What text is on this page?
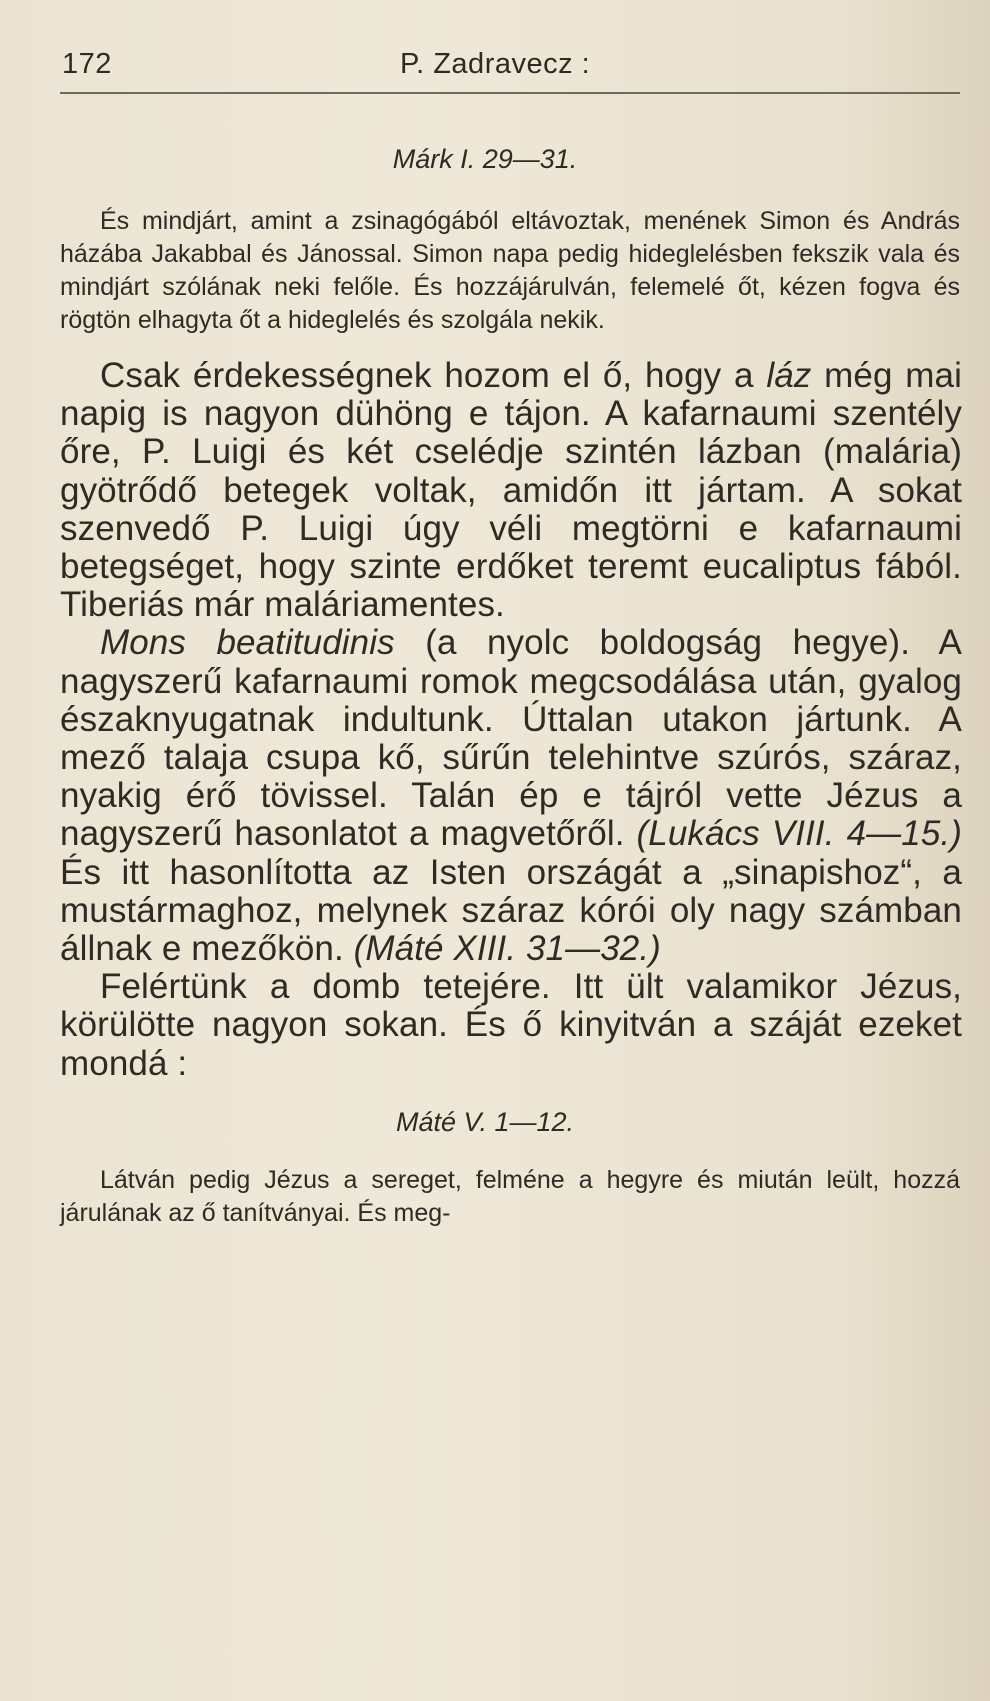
172	P. Zadravecz :
Márk I. 29—31.
És mindjárt, amint a zsinagógából eltávoztak, menének Simon és András házába Jakabbal és Jánossal. Simon napa pedig hideglelésben fekszik vala és mindjárt szólának neki felőle. És hozzájárulván, felemelé őt, kézen fogva és rögtön elhagyta őt a hideglelés és szolgála nekik.

Csak érdekességnek hozom el ő, hogy a láz még mai napig is nagyon dühöng e tájon. A kafarnaumi szentély őre, P. Luigi és két cselédje szintén lázban (malária) gyötrődő betegek voltak, amidőn itt jártam. A sokat szenvedő P. Luigi úgy véli megtörni e kafarnaumi betegséget, hogy szinte erdőket teremt eucaliptus fából. Tiberiás már maláriamentes.

Mons beatitudinis (a nyolc boldogság hegye). A nagyszerű kafarnaumi romok megcsodálása után, gyalog északnyugatnak indultunk. Úttalan utakon jártunk. A mező talaja csupa kő, sűrűn telehintve szúrós, száraz, nyakig érő tövissel. Talán ép e tájról vette Jézus a nagyszerű hasonlatot a magvetőről. (Lukács VIII. 4—15.) És itt hasonlította az Isten országát a „sinapishoz“, a mustármaghoz, melynek száraz kórói oly nagy számban állnak e mezőkön. (Máté XIII. 31—32.)

Felértünk a domb tetejére. Itt ült valamikor Jézus, körülötte nagyon sokan. És ő kinyitván a száját ezeket mondá :

Máté V. 1—12.
Látván pedig Jézus a sereget, felméne a hegyre és miután leült, hozzá járulának az ő tanítványai. És meg-
